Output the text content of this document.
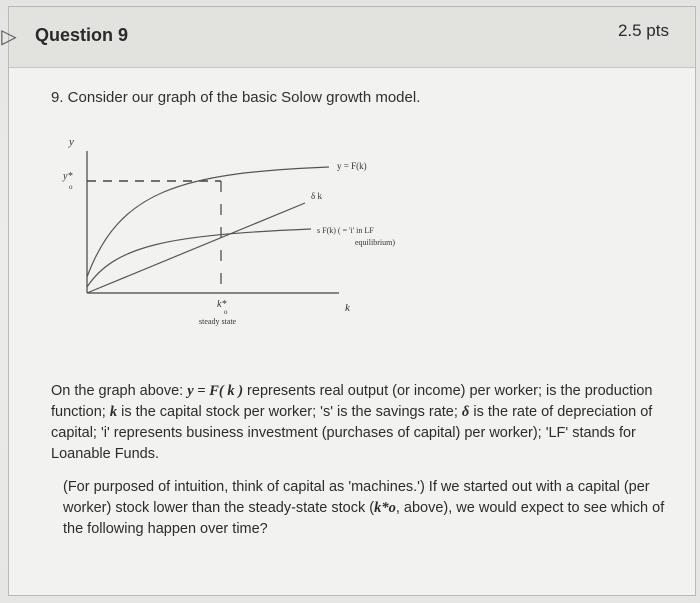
▷ Question 9	2.5 pts
9. Consider our graph of the basic Solow growth model.
y
y*
o
y = F(k)
δ k
s F(k) ( = 'i' in LF
equilibrium)
k*
o
steady state
k
On the graph above: y = F( k ) represents real output (or income) per worker; is the production function; k is the capital stock per worker; 's' is the savings rate; δ is the rate of depreciation of capital; 'i' represents business investment (purchases of capital) per worker); 'LF' stands for Loanable Funds.
(For purposed of intuition, think of capital as 'machines.') If we started out with a capital (per worker) stock lower than the steady-state stock (k*o, above), we would expect to see which of the following happen over time?
